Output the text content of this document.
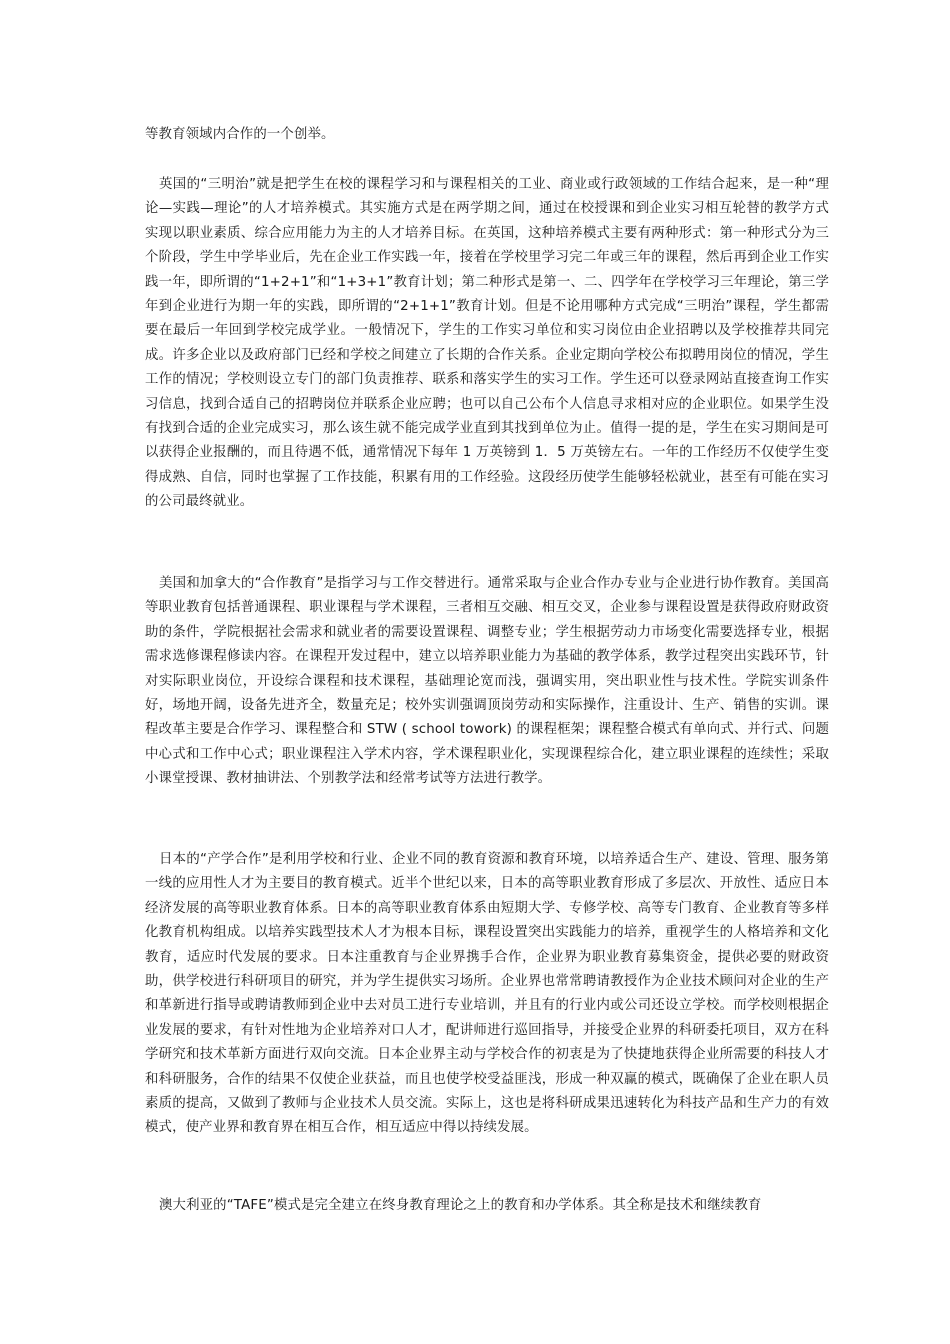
等教育领域内合作的一个创举。

英国的“三明治”就是把学生在校的课程学习和与课程相关的工业、商业或行政领域的工作结合起来，是一种“理论—实践—理论”的人才培养模式。其实施方式是在两学期之间，通过在校授课和到企业实习相互轮替的教学方式实现以职业素质、综合应用能力为主的人才培养目标。在英国，这种培养模式主要有两种形式：第一种形式分为三个阶段，学生中学毕业后，先在企业工作实践一年，接着在学校里学习完二年或三年的课程，然后再到企业工作实践一年，即所谓的“1+2+1”和“1+3+1”教育计划；第二种形式是第一、二、四学年在学校学习三年理论，第三学年到企业进行为期一年的实践，即所谓的“2+1+1”教育计划。但是不论用哪种方式完成“三明治”课程，学生都需要在最后一年回到学校完成学业。一般情况下，学生的工作实习单位和实习岗位由企业招聘以及学校推荐共同完成。许多企业以及政府部门已经和学校之间建立了长期的合作关系。企业定期向学校公布拟聘用岗位的情况，学生工作的情况；学校则设立专门的部门负责推荐、联系和落实学生的实习工作。学生还可以登录网站直接查询工作实习信息，找到合适自己的招聘岗位并联系企业应聘；也可以自己公布个人信息寻求相对应的企业职位。如果学生没有找到合适的企业完成实习，那么该生就不能完成学业直到其找到单位为止。值得一提的是，学生在实习期间是可以获得企业报酬的，而且待遇不低，通常情况下每年 1 万英镑到 1．5 万英镑左右。一年的工作经历不仅使学生变得成熟、自信，同时也掌握了工作技能，积累有用的工作经验。这段经历使学生能够轻松就业，甚至有可能在实习的公司最终就业。

美国和加拿大的“合作教育”是指学习与工作交替进行。通常采取与企业合作办专业与企业进行协作教育。美国高等职业教育包括普通课程、职业课程与学术课程，三者相互交融、相互交叉，企业参与课程设置是获得政府财政资助的条件，学院根据社会需求和就业者的需要设置课程、调整专业；学生根据劳动力市场变化需要选择专业，根据需求选修课程修读内容。在课程开发过程中，建立以培养职业能力为基础的教学体系，教学过程突出实践环节，针对实际职业岗位，开设综合课程和技术课程，基础理论宽而浅，强调实用，突出职业性与技术性。学院实训条件好，场地开阔，设备先进齐全，数量充足；校外实训强调顶岗劳动和实际操作，注重设计、生产、销售的实训。课程改革主要是合作学习、课程整合和 STW ( school towork) 的课程框架；课程整合模式有单向式、并行式、问题中心式和工作中心式；职业课程注入学术内容，学术课程职业化，实现课程综合化，建立职业课程的连续性；采取小课堂授课、教材抽讲法、个别教学法和经常考试等方法进行教学。

日本的“产学合作”是利用学校和行业、企业不同的教育资源和教育环境，以培养适合生产、建设、管理、服务第一线的应用性人才为主要目的教育模式。近半个世纪以来，日本的高等职业教育形成了多层次、开放性、适应日本经济发展的高等职业教育体系。日本的高等职业教育体系由短期大学、专修学校、高等专门教育、企业教育等多样化教育机构组成。以培养实践型技术人才为根本目标，课程设置突出实践能力的培养，重视学生的人格培养和文化教育，适应时代发展的要求。日本注重教育与企业界携手合作，企业界为职业教育募集资金，提供必要的财政资助，供学校进行科研项目的研究，并为学生提供实习场所。企业界也常常聘请教授作为企业技术顾问对企业的生产和革新进行指导或聘请教师到企业中去对员工进行专业培训，并且有的行业内或公司还设立学校。而学校则根据企业发展的要求，有针对性地为企业培养对口人才，配讲师进行巡回指导，并接受企业界的科研委托项目，双方在科学研究和技术革新方面进行双向交流。日本企业界主动与学校合作的初衷是为了快捷地获得企业所需要的科技人才和科研服务，合作的结果不仅使企业获益，而且也使学校受益匪浅，形成一种双赢的模式，既确保了企业在职人员素质的提高，又做到了教师与企业技术人员交流。实际上，这也是将科研成果迅速转化为科技产品和生产力的有效模式，使产业界和教育界在相互合作，相互适应中得以持续发展。

澳大利亚的“TAFE”模式是完全建立在终身教育理论之上的教育和办学体系。其全称是技术和继续教育
